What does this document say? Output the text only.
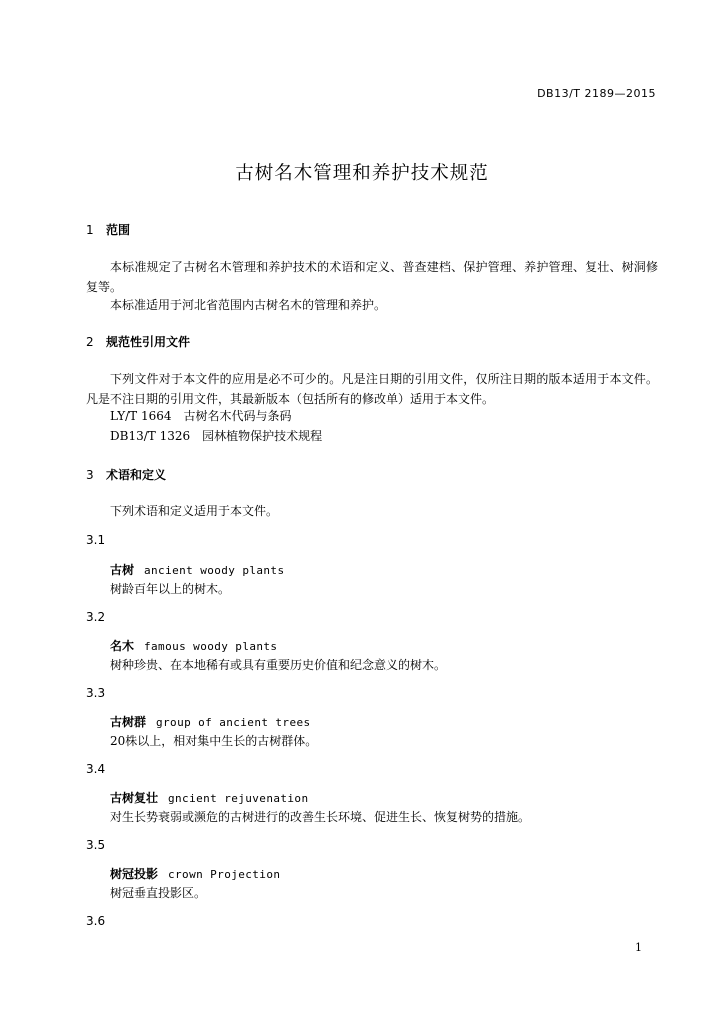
DB13/T 2189—2015
古树名木管理和养护技术规范
1 范围
本标准规定了古树名木管理和养护技术的术语和定义、普查建档、保护管理、养护管理、复壮、树洞修复等。
本标准适用于河北省范围内古树名木的管理和养护。
2 规范性引用文件
下列文件对于本文件的应用是必不可少的。凡是注日期的引用文件，仅所注日期的版本适用于本文件。凡是不注日期的引用文件，其最新版本（包括所有的修改单）适用于本文件。
LY/T 1664　古树名木代码与条码
DB13/T 1326　园林植物保护技术规程
3 术语和定义
下列术语和定义适用于本文件。
3.1
古树 ancient woody plants
树龄百年以上的树木。
3.2
名木 famous woody plants
树种珍贵、在本地稀有或具有重要历史价值和纪念意义的树木。
3.3
古树群 group of ancient trees
20株以上，相对集中生长的古树群体。
3.4
古树复壮 gncient rejuvenation
对生长势衰弱或濒危的古树进行的改善生长环境、促进生长、恢复树势的措施。
3.5
树冠投影 crown Projection
树冠垂直投影区。
3.6
1
